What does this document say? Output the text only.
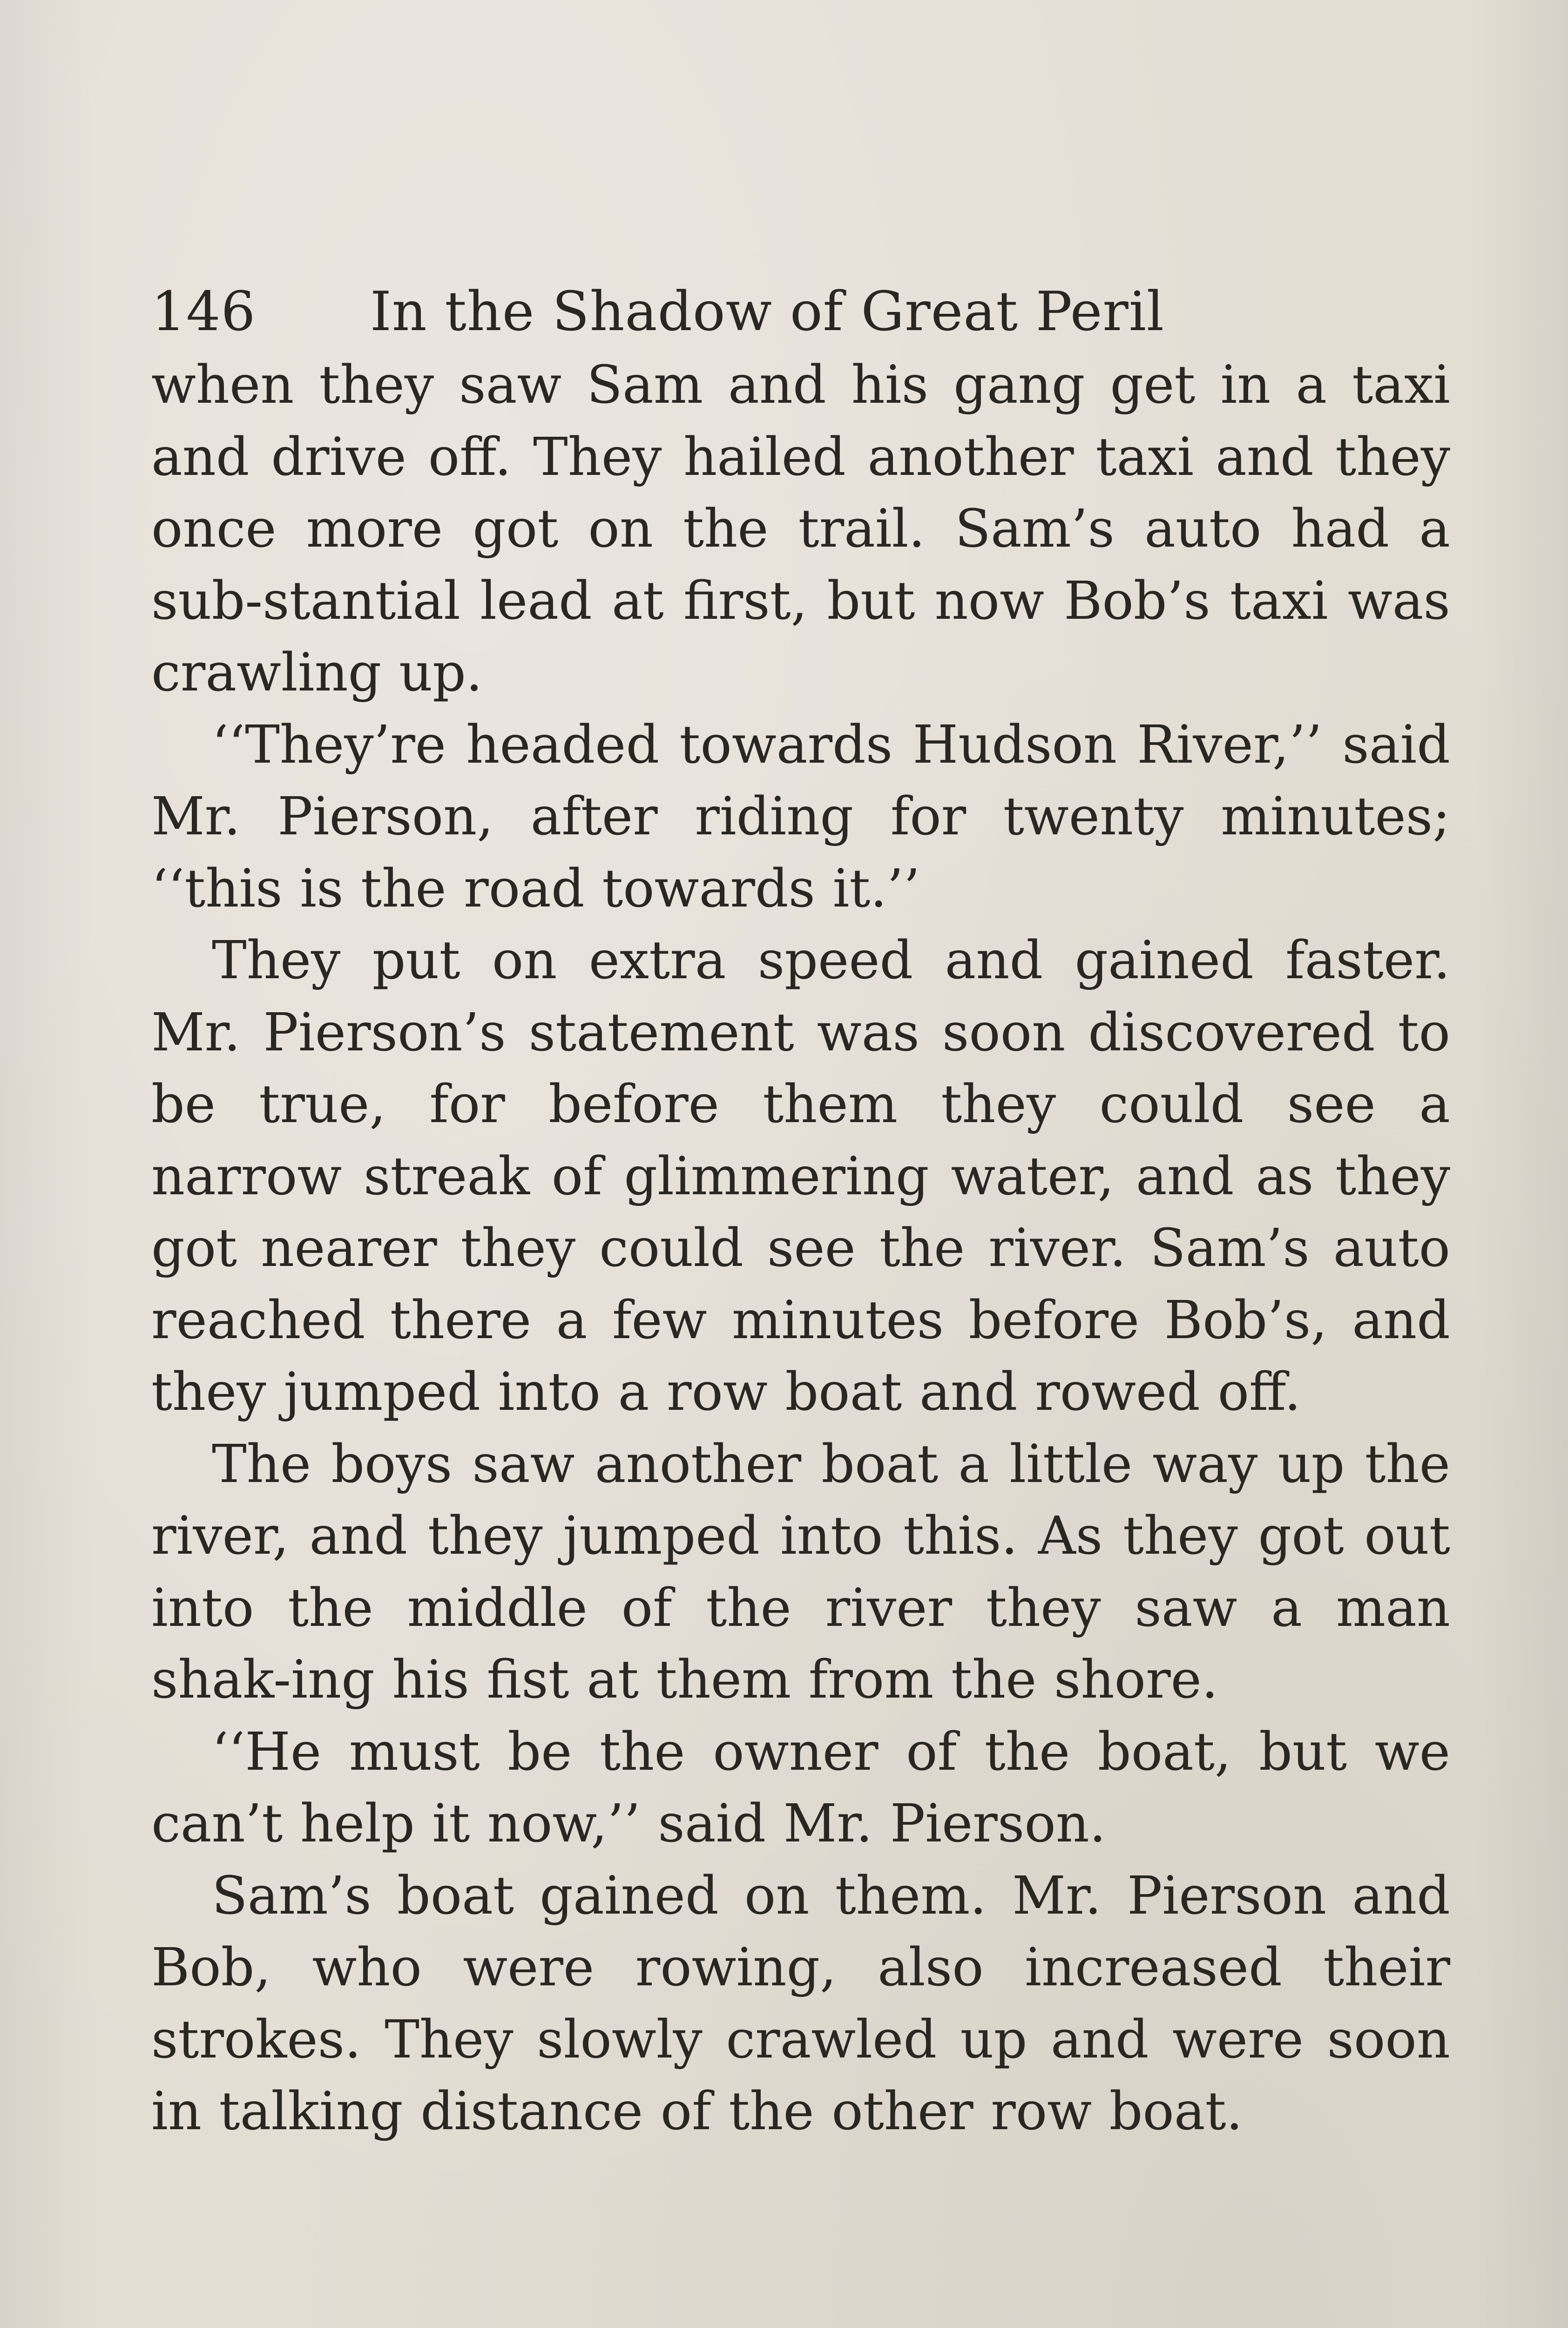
146	In the Shadow of Great Peril

when they saw Sam and his gang get in a taxi and drive off. They hailed another taxi and they once more got on the trail. Sam’s auto had a sub-stantial lead at first, but now Bob’s taxi was crawling up.

‘‘They’re headed towards Hudson River,’’ said Mr. Pierson, after riding for twenty minutes; ‘‘this is the road towards it.’’

They put on extra speed and gained faster. Mr. Pierson’s statement was soon discovered to be true, for before them they could see a narrow streak of glimmering water, and as they got nearer they could see the river. Sam’s auto reached there a few minutes before Bob’s, and they jumped into a row boat and rowed off.

The boys saw another boat a little way up the river, and they jumped into this. As they got out into the middle of the river they saw a man shak-ing his fist at them from the shore.

‘‘He must be the owner of the boat, but we can’t help it now,’’ said Mr. Pierson.

Sam’s boat gained on them. Mr. Pierson and Bob, who were rowing, also increased their strokes. They slowly crawled up and were soon in talking distance of the other row boat.
